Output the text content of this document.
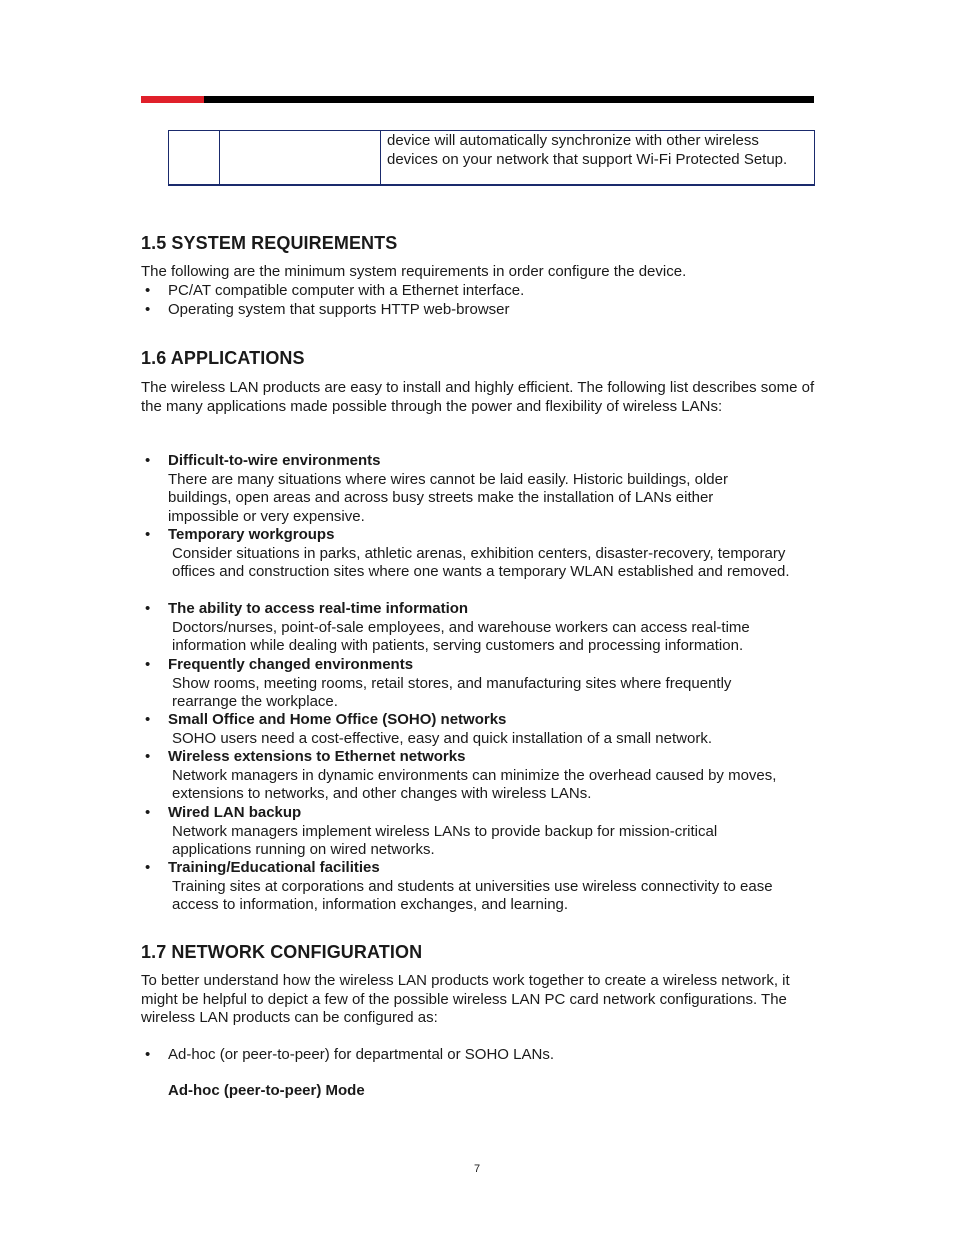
device will automatically synchronize with other wireless devices on your network that support Wi-Fi Protected Setup.
1.5 SYSTEM REQUIREMENTS
The following are the minimum system requirements in order configure the device.
•	PC/AT compatible computer with a Ethernet interface.
•	Operating system that supports HTTP web-browser
1.6 APPLICATIONS
The wireless LAN products are easy to install and highly efficient. The following list describes some of the many applications made possible through the power and flexibility of wireless LANs:
•	Difficult-to-wire environments
There are many situations where wires cannot be laid easily. Historic buildings, older buildings, open areas and across busy streets make the installation of LANs either impossible or very expensive.
•	Temporary workgroups
Consider situations in parks, athletic arenas, exhibition centers, disaster-recovery, temporary offices and construction sites where one wants a temporary WLAN established and removed.
•	The ability to access real-time information
Doctors/nurses, point-of-sale employees, and warehouse workers can access real-time information while dealing with patients, serving customers and processing information.
•	Frequently changed environments
Show rooms, meeting rooms, retail stores, and manufacturing sites where frequently rearrange the workplace.
•	Small Office and Home Office (SOHO) networks
SOHO users need a cost-effective, easy and quick installation of a small network.
•	Wireless extensions to Ethernet networks
Network managers in dynamic environments can minimize the overhead caused by moves, extensions to networks, and other changes with wireless LANs.
•	Wired LAN backup
Network managers implement wireless LANs to provide backup for mission-critical applications running on wired networks.
•	Training/Educational facilities
Training sites at corporations and students at universities use wireless connectivity to ease access to information, information exchanges, and learning.
1.7 NETWORK CONFIGURATION
To better understand how the wireless LAN products work together to create a wireless network, it might be helpful to depict a few of the possible wireless LAN PC card network configurations. The wireless LAN products can be configured as:
•	Ad-hoc (or peer-to-peer) for departmental or SOHO LANs.
Ad-hoc (peer-to-peer) Mode
7
